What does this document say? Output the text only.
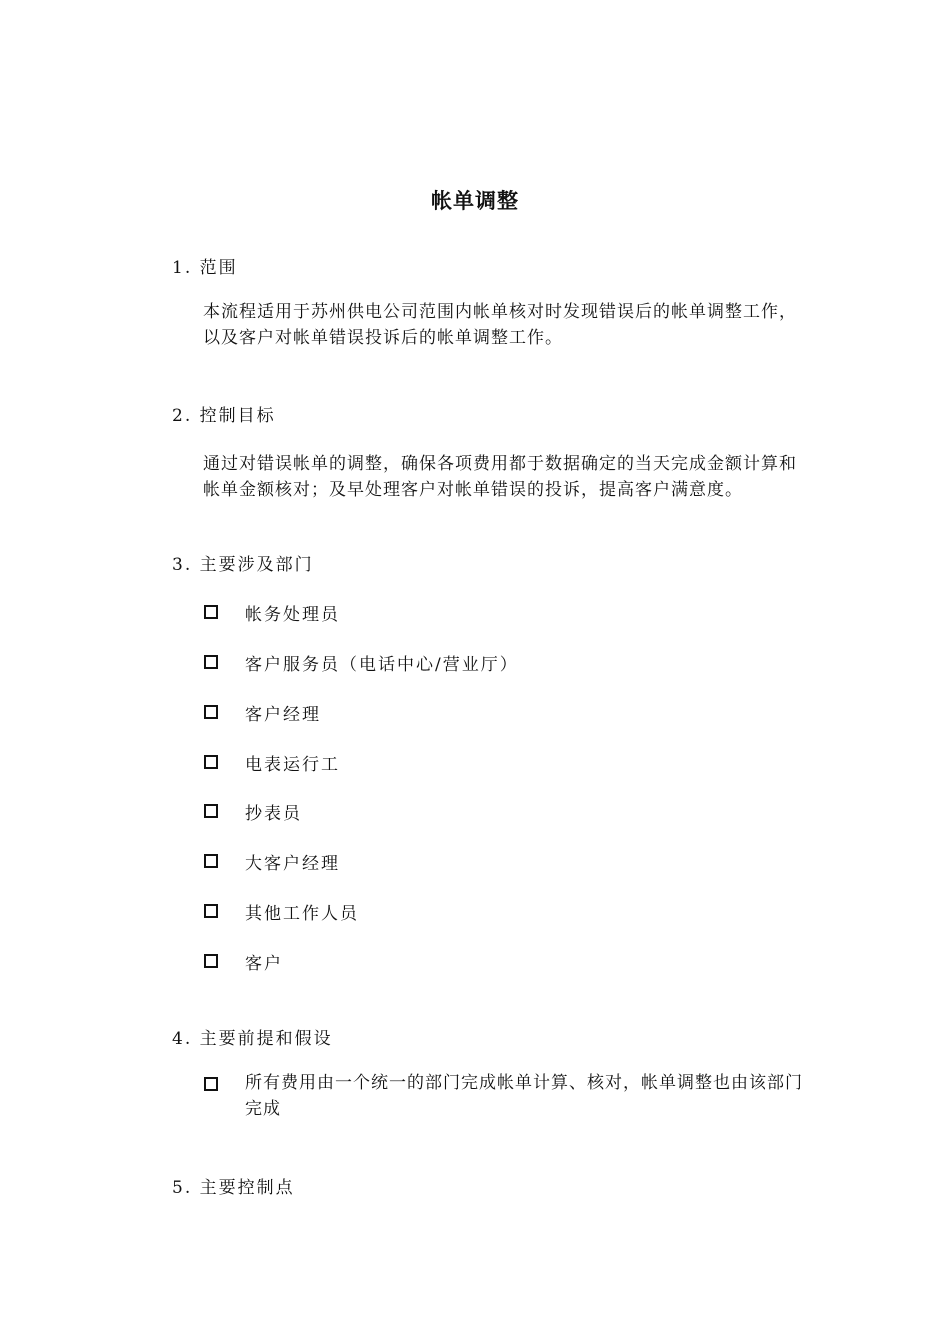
帐单调整
1. 范围
本流程适用于苏州供电公司范围内帐单核对时发现错误后的帐单调整工作，以及客户对帐单错误投诉后的帐单调整工作。
2. 控制目标
通过对错误帐单的调整，确保各项费用都于数据确定的当天完成金额计算和帐单金额核对；及早处理客户对帐单错误的投诉，提高客户满意度。
3. 主要涉及部门
帐务处理员
客户服务员（电话中心/营业厅）
客户经理
电表运行工
抄表员
大客户经理
其他工作人员
客户
4. 主要前提和假设
所有费用由一个统一的部门完成帐单计算、核对，帐单调整也由该部门完成
5. 主要控制点
